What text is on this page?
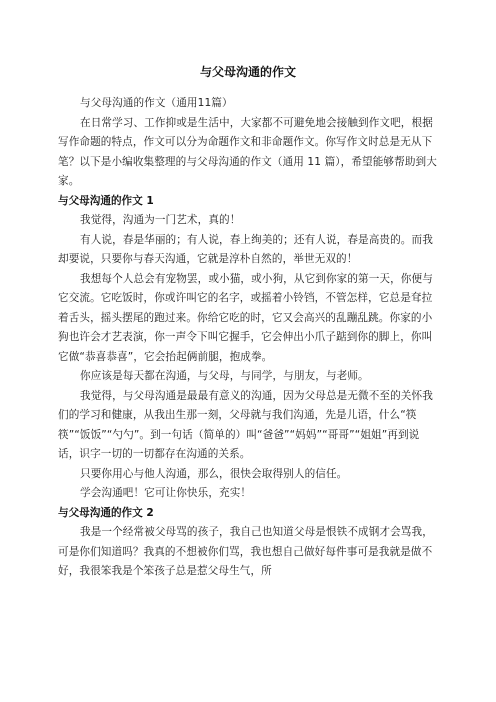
与父母沟通的作文

与父母沟通的作文（通用11篇）

在日常学习、工作抑或是生活中，大家都不可避免地会接触到作文吧，根据写作命题的特点，作文可以分为命题作文和非命题作文。你写作文时总是无从下笔？以下是小编收集整理的与父母沟通的作文（通用 11 篇），希望能够帮助到大家。

与父母沟通的作文 1

我觉得，沟通为一门艺术，真的！

有人说，春是华丽的；有人说，春上绚美的；还有人说，春是高贵的。而我却要说，只要你与春天沟通，它就是淳朴自然的，举世无双的！

我想每个人总会有宠物罢，或小猫，或小狗，从它到你家的第一天，你便与它交流。它吃饭时，你或许叫它的名字，或摇着小铃铛，不管怎样，它总是耷拉着舌头，摇头摆尾的跑过来。你给它吃的时，它又会高兴的乱蹦乱跳。你家的小狗也许会才艺表演，你一声令下叫它握手，它会伸出小爪子踮到你的脚上，你叫它做“恭喜恭喜”，它会抬起俩前腿，抱成拳。

你应该是每天都在沟通，与父母，与同学，与朋友，与老师。

我觉得，与父母沟通是最最有意义的沟通，因为父母总是无微不至的关怀我们的学习和健康，从我出生那一刻，父母就与我们沟通，先是儿语，什么“筷筷”“饭饭”“勺勺”。到一句话（简单的）叫“爸爸”“妈妈”“哥哥”“姐姐”再到说话，识字一切的一切都存在沟通的关系。

只要你用心与他人沟通，那么，很快会取得别人的信任。

学会沟通吧！它可让你快乐，充实！

与父母沟通的作文 2

我是一个经常被父母骂的孩子，我自己也知道父母是恨铁不成钢才会骂我，可是你们知道吗？我真的不想被你们骂，我也想自己做好每件事可是我就是做不好，我很笨我是个笨孩子总是惹父母生气，所
